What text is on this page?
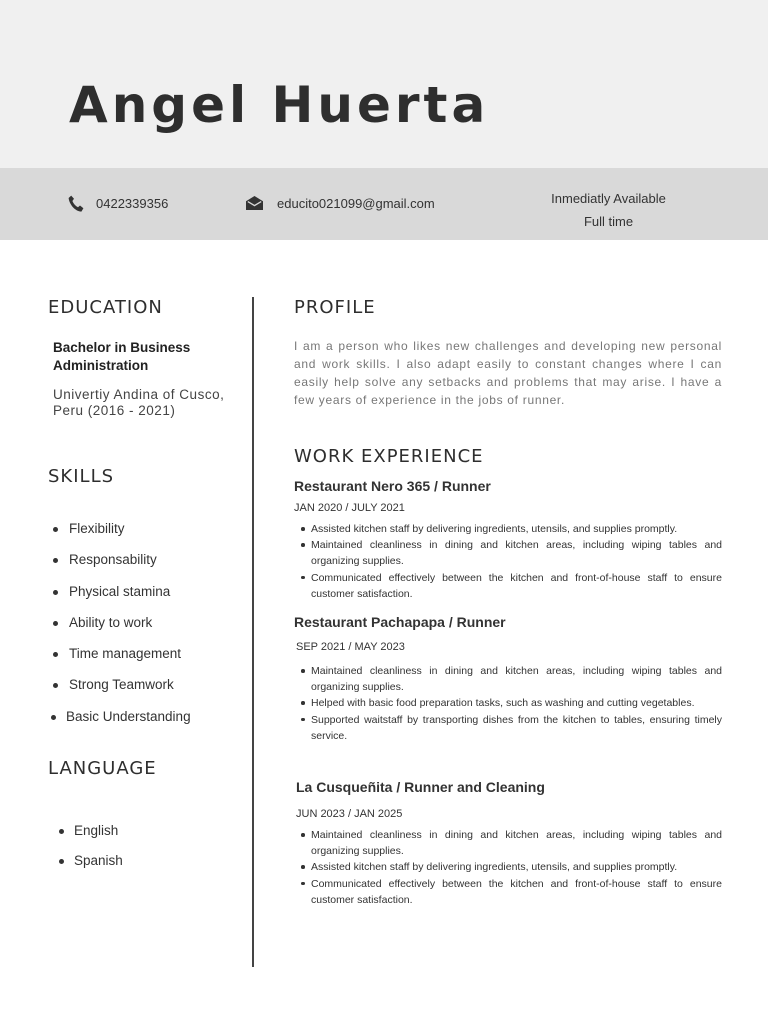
Angel Huerta
0422339356	educito021099@gmail.com	Inmediatly Available
Full time
EDUCATION
Bachelor in Business Administration
Univertiy Andina of Cusco, Peru (2016 - 2021)
SKILLS
Flexibility
Responsability
Physical stamina
Ability to work
Time management
Strong Teamwork
Basic Understanding
LANGUAGE
English
Spanish
PROFILE

I am a person who likes new challenges and developing new personal and work skills. I also adapt easily to constant changes where I can easily help solve any setbacks and problems that may arise. I have a few years of experience in the jobs of runner.

WORK EXPERIENCE
Restaurant Nero 365 / Runner
JAN 2020 / JULY 2021
Assisted kitchen staff by delivering ingredients, utensils, and supplies promptly.
Maintained cleanliness in dining and kitchen areas, including wiping tables and organizing supplies.
Communicated effectively between the kitchen and front-of-house staff to ensure customer satisfaction.
Restaurant Pachapapa / Runner
SEP 2021 / MAY 2023
Maintained cleanliness in dining and kitchen areas, including wiping tables and organizing supplies.
Helped with basic food preparation tasks, such as washing and cutting vegetables.
Supported waitstaff by transporting dishes from the kitchen to tables, ensuring timely service.
La Cusqueñita / Runner and Cleaning
JUN 2023 / JAN 2025
Maintained cleanliness in dining and kitchen areas, including wiping tables and organizing supplies.
Assisted kitchen staff by delivering ingredients, utensils, and supplies promptly.
Communicated effectively between the kitchen and front-of-house staff to ensure customer satisfaction.
